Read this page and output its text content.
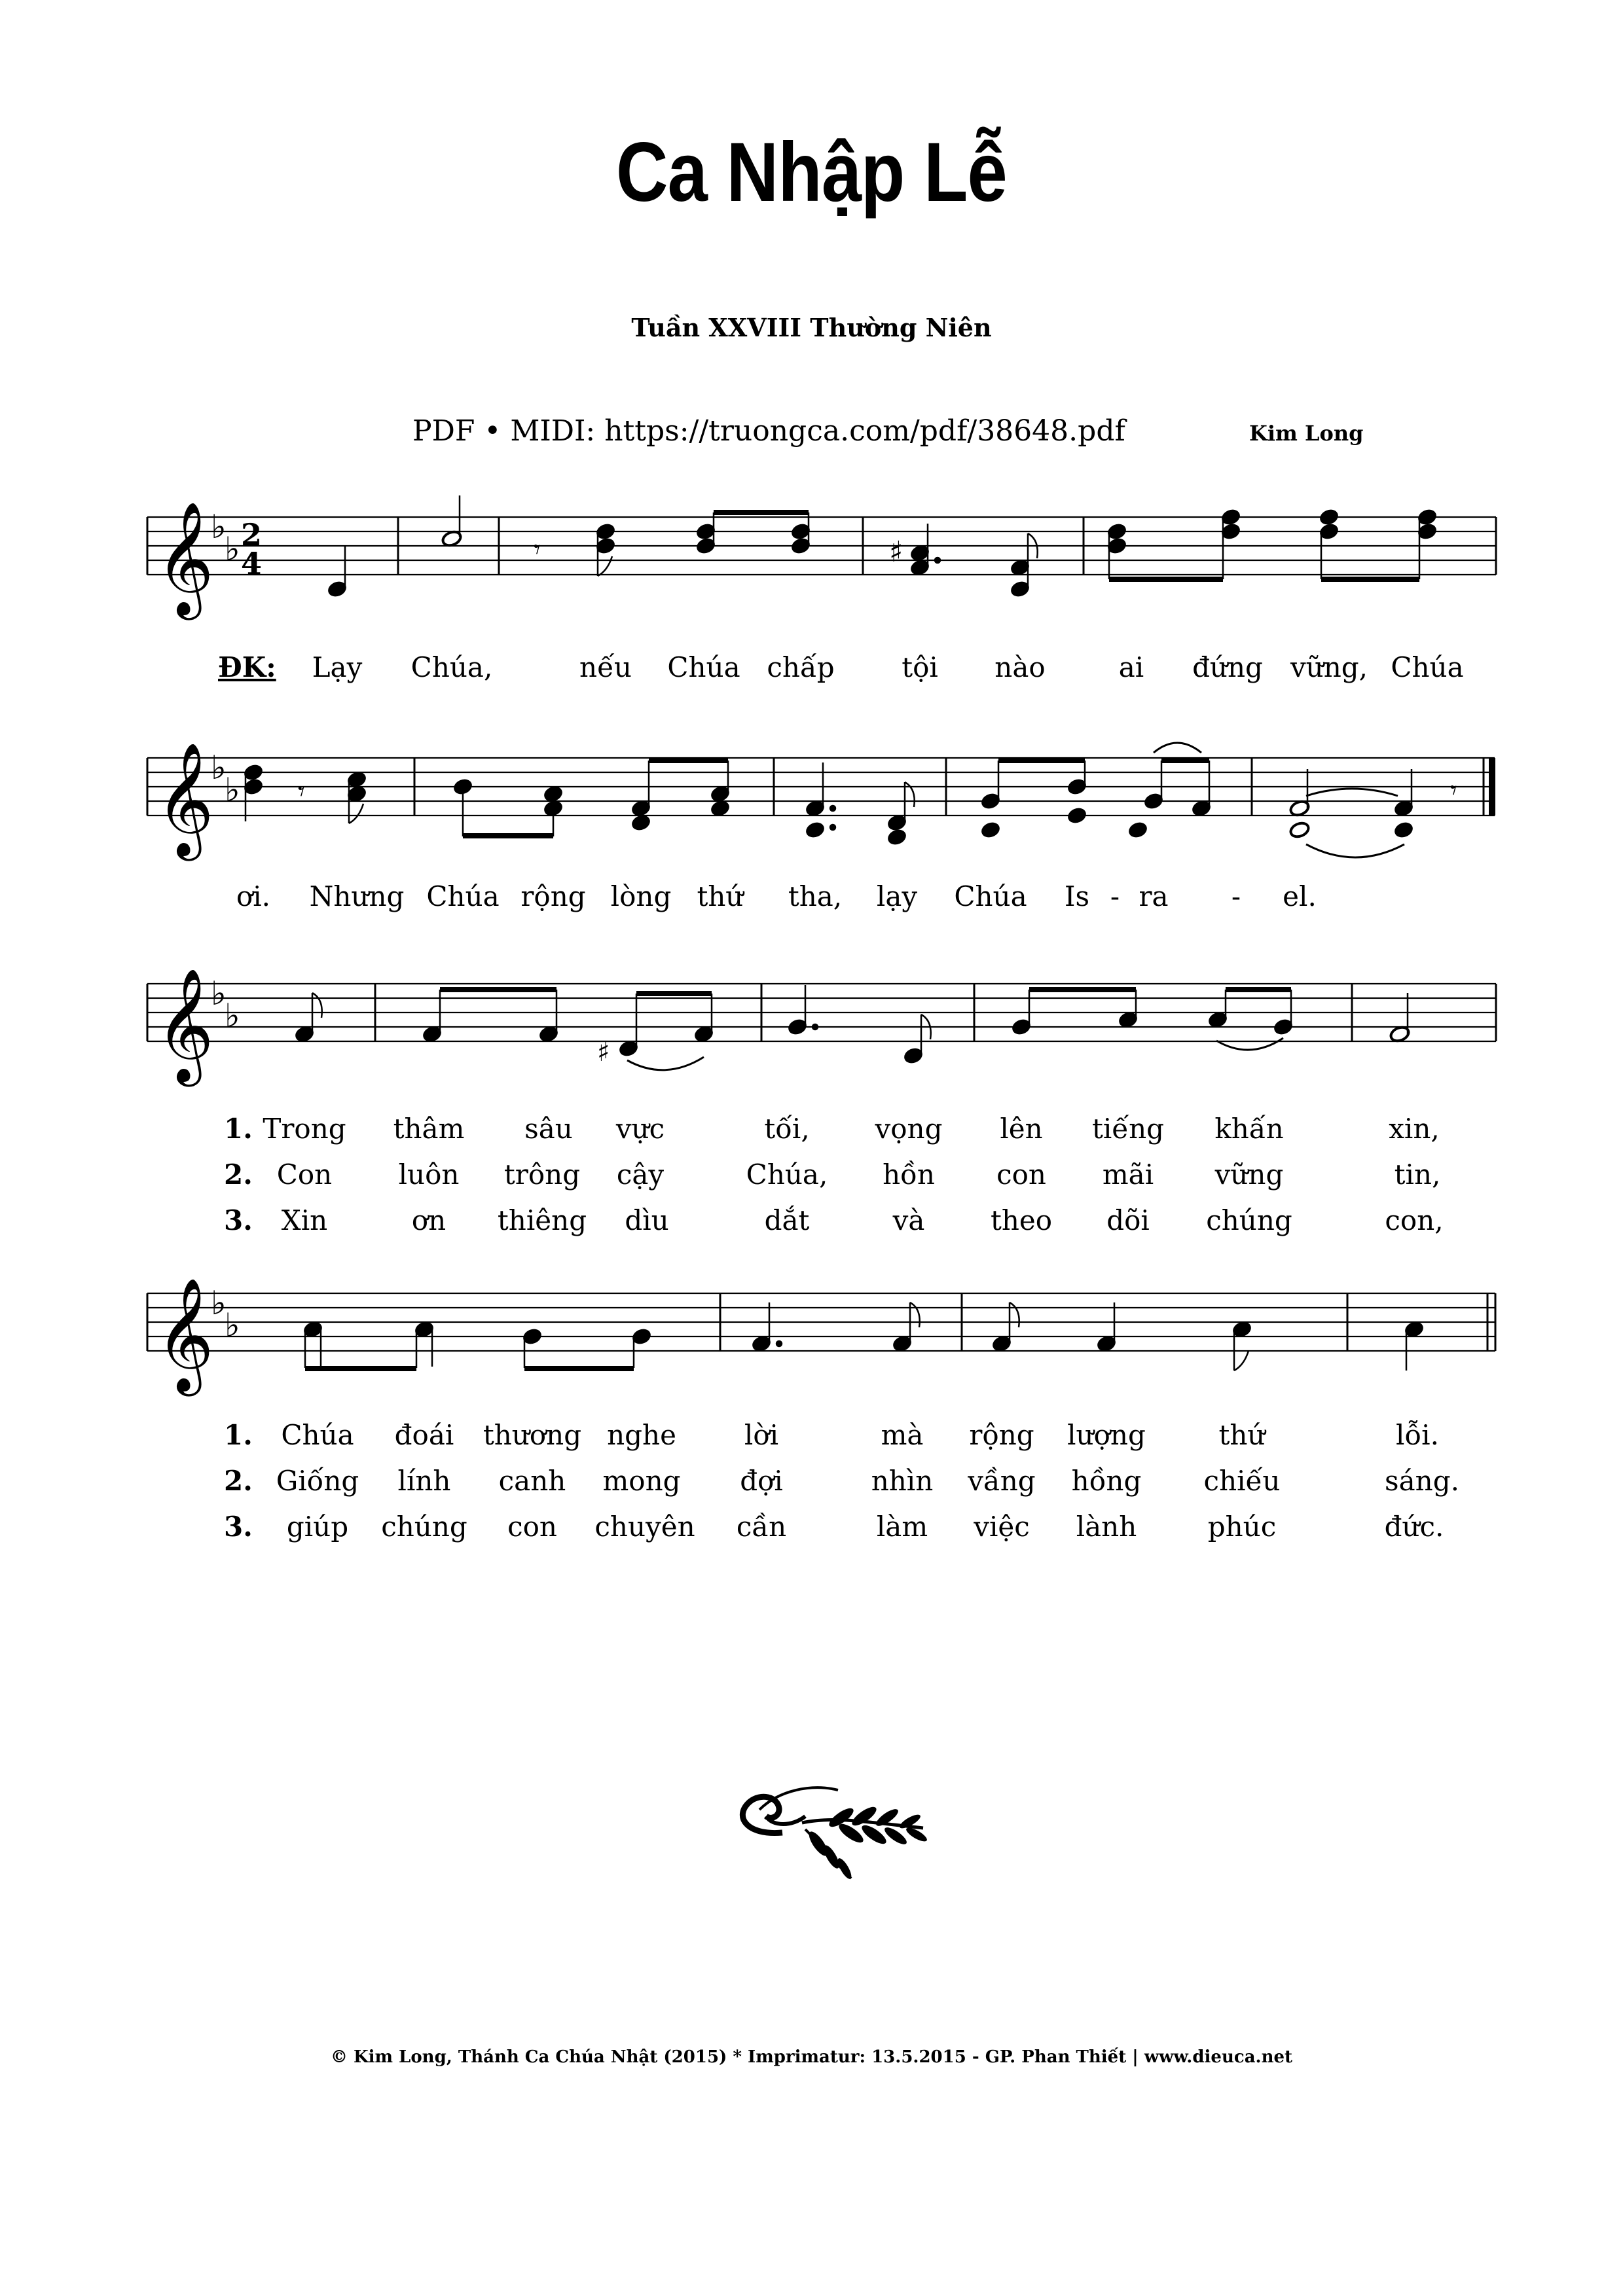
Ca Nhập Lễ
Tuần XXVIII Thường Niên
PDF • MIDI: https://truongca.com/pdf/38648.pdf	Kim Long
𝄞
♭
♭ 2
4	𝄾	♯
ĐK: Lạy Chúa,	nếu Chúa chấp tội nào	ai đứng vững, Chúa
𝄞
♭
♭ 𝄾	𝄾
ơi. Nhưng Chúa rộng lòng thứ tha, lạy Chúa Is - ra - el.
𝄞
♭
♭
♯
1. Trong thâm sâu vực	tối, vọng lên tiếng khấn	xin,
2. Con luôn trông cậy	Chúa, hồn con mãi vững	tin,
3. Xin	ơn thiêng dìu	dắt	và theo dõi chúng	con,
𝄞
♭
♭
1. Chúa đoái thương nghe lời	mà rộng lượng	thứ	lỗi.
2. Giống lính canh mong đợi	nhìn vầng hồng chiếu	sáng.
3. giúp chúng con chuyên cần	làm việc lành	phúc	đức.
© Kim Long, Thánh Ca Chúa Nhật (2015) * Imprimatur: 13.5.2015 - GP. Phan Thiết | www.dieuca.net
